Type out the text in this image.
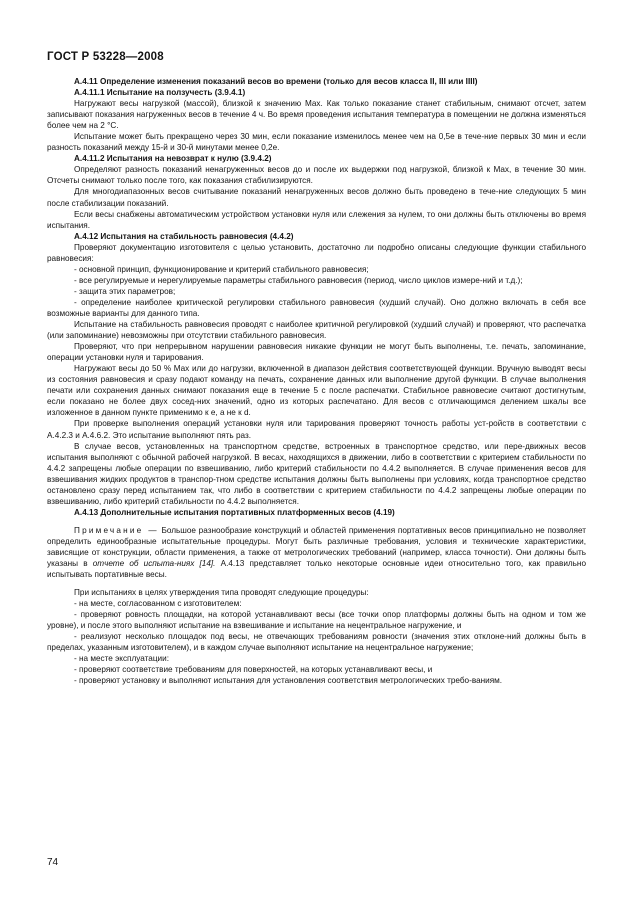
ГОСТ Р 53228—2008

А.4.11 Определение изменения показаний весов во времени (только для весов класса II, III или IIII)

А.4.11.1 Испытание на ползучесть (3.9.4.1)

Нагружают весы нагрузкой (массой), близкой к значению Max. Как только показание станет стабильным, снимают отсчет, затем записывают показания нагруженных весов в течение 4 ч. Во время проведения испытания температура в помещении не должна изменяться более чем на 2 °С.

Испытание может быть прекращено через 30 мин, если показание изменилось менее чем на 0,5e в тече-ние первых 30 мин и если разность показаний между 15-й и 30-й минутами менее 0,2e.

А.4.11.2 Испытания на невозврат к нулю (3.9.4.2)

Определяют разность показаний ненагруженных весов до и после их выдержки под нагрузкой, близкой к Max, в течение 30 мин. Отсчеты снимают только после того, как показания стабилизируются.

Для многодиапазонных весов считывание показаний ненагруженных весов должно быть проведено в тече-ние следующих 5 мин после стабилизации показаний.

Если весы снабжены автоматическим устройством установки нуля или слежения за нулем, то они должны быть отключены во время испытания.

А.4.12 Испытания на стабильность равновесия (4.4.2)

Проверяют документацию изготовителя с целью установить, достаточно ли подробно описаны следующие функции стабильного равновесия:

- основной принцип, функционирование и критерий стабильного равновесия;

- все регулируемые и нерегулируемые параметры стабильного равновесия (период, число циклов измере-ний и т.д.);

- защита этих параметров;

- определение наиболее критической регулировки стабильного равновесия (худший случай). Оно должно включать в себя все возможные варианты для данного типа.

Испытание на стабильность равновесия проводят с наиболее критичной регулировкой (худший случай) и проверяют, что распечатка (или запоминание) невозможны при отсутствии стабильного равновесия.

Проверяют, что при непрерывном нарушении равновесия никакие функции не могут быть выполнены, т.е. печать, запоминание, операции установки нуля и тарирования.

Нагружают весы до 50 % Max или до нагрузки, включенной в диапазон действия соответствующей функции. Вручную выводят весы из состояния равновесия и сразу подают команду на печать, сохранение данных или выполнение другой функции. В случае выполнения печати или сохранения данных снимают показания еще в течение 5 с после распечатки. Стабильное равновесие считают достигнутым, если показано не более двух сосед-них значений, одно из которых распечатано. Для весов с отличающимся делением шкалы все изложенное в данном пункте применимо к e, а не к d.

При проверке выполнения операций установки нуля или тарирования проверяют точность работы уст-ройств в соответствии с А.4.2.3 и А.4.6.2. Это испытание выполняют пять раз.

В случае весов, установленных на транспортном средстве, встроенных в транспортное средство, или пере-движных весов испытания выполняют с обычной рабочей нагрузкой. В весах, находящихся в движении, либо в соответствии с критерием стабильности по 4.4.2 запрещены любые операции по взвешиванию, либо критерий стабильности по 4.4.2 выполняется. В случае применения весов для взвешивания жидких продуктов в транспор-тном средстве испытания должны быть выполнены при условиях, когда транспортное средство остановлено сразу перед испытанием так, что либо в соответствии с критерием стабильности по 4.4.2 запрещены любые операции по взвешиванию, либо критерий стабильности по 4.4.2 выполняется.

А.4.13 Дополнительные испытания портативных платформенных весов (4.19)

Примечание — Большое разнообразие конструкций и областей применения портативных весов принципиально не позволяет определить единообразные испытательные процедуры. Могут быть различные требования, условия и технические характеристики, зависящие от конструкции, области применения, а также от метрологических требований (например, класса точности). Они должны быть указаны в отчете об испыта-ниях [14]. А.4.13 представляет только некоторые основные идеи относительно того, как правильно испытывать портативные весы.

При испытаниях в целях утверждения типа проводят следующие процедуры:

- на месте, согласованном с изготовителем:

- проверяют ровность площадки, на которой устанавливают весы (все точки опор платформы должны быть на одном и том же уровне), и после этого выполняют испытание на взвешивание и испытание на нецентральное нагружение, и

- реализуют несколько площадок под весы, не отвечающих требованиям ровности (значения этих отклоне-ний должны быть в пределах, указанным изготовителем), и в каждом случае выполняют испытание на нецентральное нагружение;

- на месте эксплуатации:

- проверяют соответствие требованиям для поверхностей, на которых устанавливают весы, и

- проверяют установку и выполняют испытания для установления соответствия метрологических требо-ваниям.

74
